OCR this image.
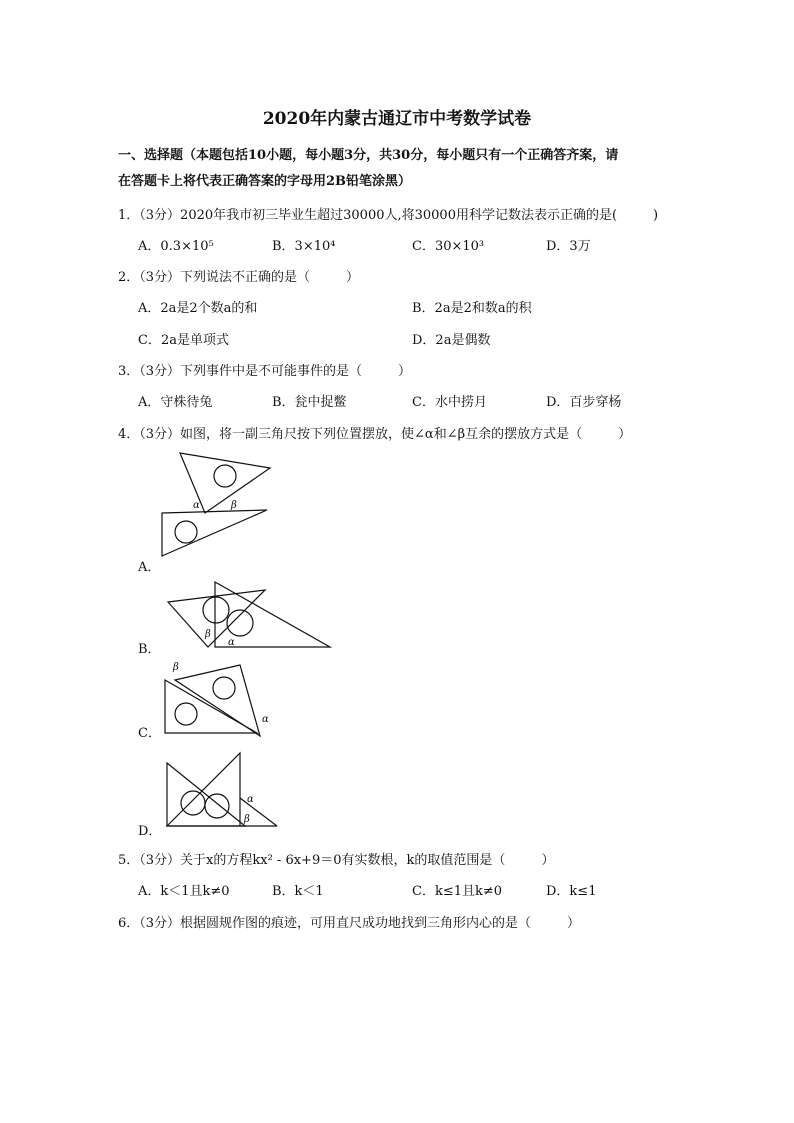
2020年内蒙古通辽市中考数学试卷
一、选择题（本题包括10小题，每小题3分，共30分，每小题只有一个正确答齐案，请
在答题卡上将代表正确答案的字母用2B铅笔涂黑）
1．（3分）2020年我市初三毕业生超过30000人,将30000用科学记数法表示正确的是(	)
A．0.3×10⁵	B．3×10⁴	C．30×10³	D．3万
2．（3分）下列说法不正确的是（	）
A．2a是2个数a的和	B．2a是2和数a的积
C．2a是单项式	D．2a是偶数
3．（3分）下列事件中是不可能事件的是（	）
A．守株待兔	B．瓮中捉鳖	C．水中捞月	D．百步穿杨
4．（3分）如图，将一副三角尺按下列位置摆放，使∠α和∠β互余的摆放方式是（	）
A．
α	β
B．
β
α
C．
β
α
D．
α
β
5．（3分）关于x的方程kx² - 6x+9＝0有实数根，k的取值范围是（	）
A．k＜1且k≠0	B．k＜1	C．k≤1且k≠0	D．k≤1
6．（3分）根据圆规作图的痕迹，可用直尺成功地找到三角形内心的是（	）
